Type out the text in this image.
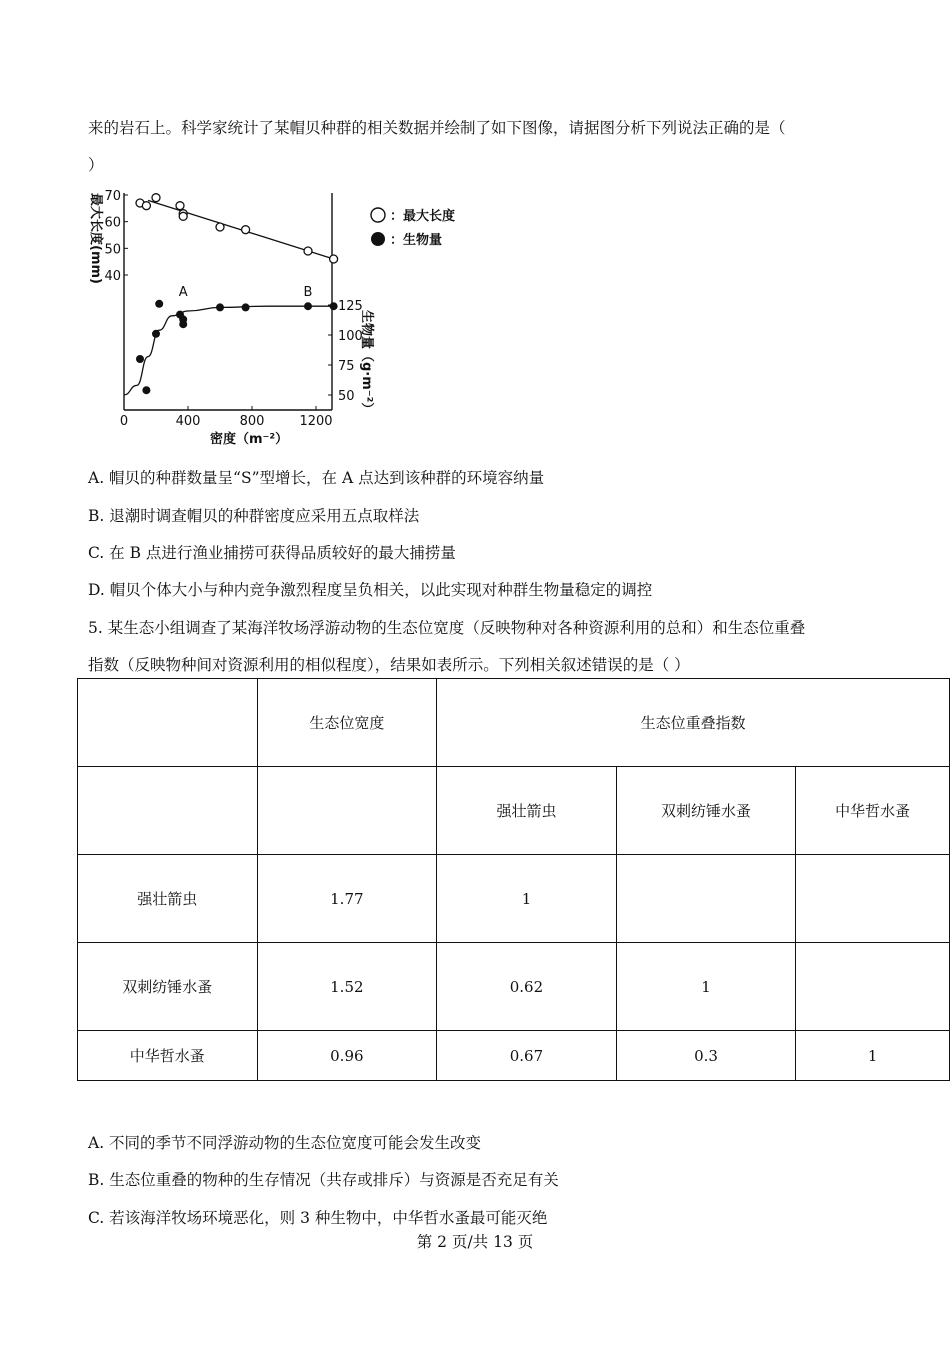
来的岩石上。科学家统计了某帽贝种群的相关数据并绘制了如下图像，请据图分析下列说法正确的是（
）
0	400	800	1200
40
50
60
70
50
75
100
125
A	B
密度（m⁻²）
最大长度(mm)
生物量（g·m⁻²）
：最大长度
：生物量
A. 帽贝的种群数量呈“S”型增长，在 A 点达到该种群的环境容纳量
B. 退潮时调查帽贝的种群密度应采用五点取样法
C. 在 B 点进行渔业捕捞可获得品质较好的最大捕捞量
D. 帽贝个体大小与种内竞争激烈程度呈负相关，以此实现对种群生物量稳定的调控
5. 某生态小组调查了某海洋牧场浮游动物的生态位宽度（反映物种对各种资源利用的总和）和生态位重叠
指数（反映物种间对资源利用的相似程度），结果如表所示。下列相关叙述错误的是（ ）
	生态位宽度	生态位重叠指数		
		强壮箭虫	双刺纺锤水蚤	中华哲水蚤
强壮箭虫	1.77	1		
双刺纺锤水蚤	1.52	0.62	1	
中华哲水蚤	0.96	0.67	0.3	1
A. 不同的季节不同浮游动物的生态位宽度可能会发生改变
B. 生态位重叠的物种的生存情况（共存或排斥）与资源是否充足有关
C. 若该海洋牧场环境恶化，则 3 种生物中，中华哲水蚤最可能灭绝
第 2 页/共 13 页
